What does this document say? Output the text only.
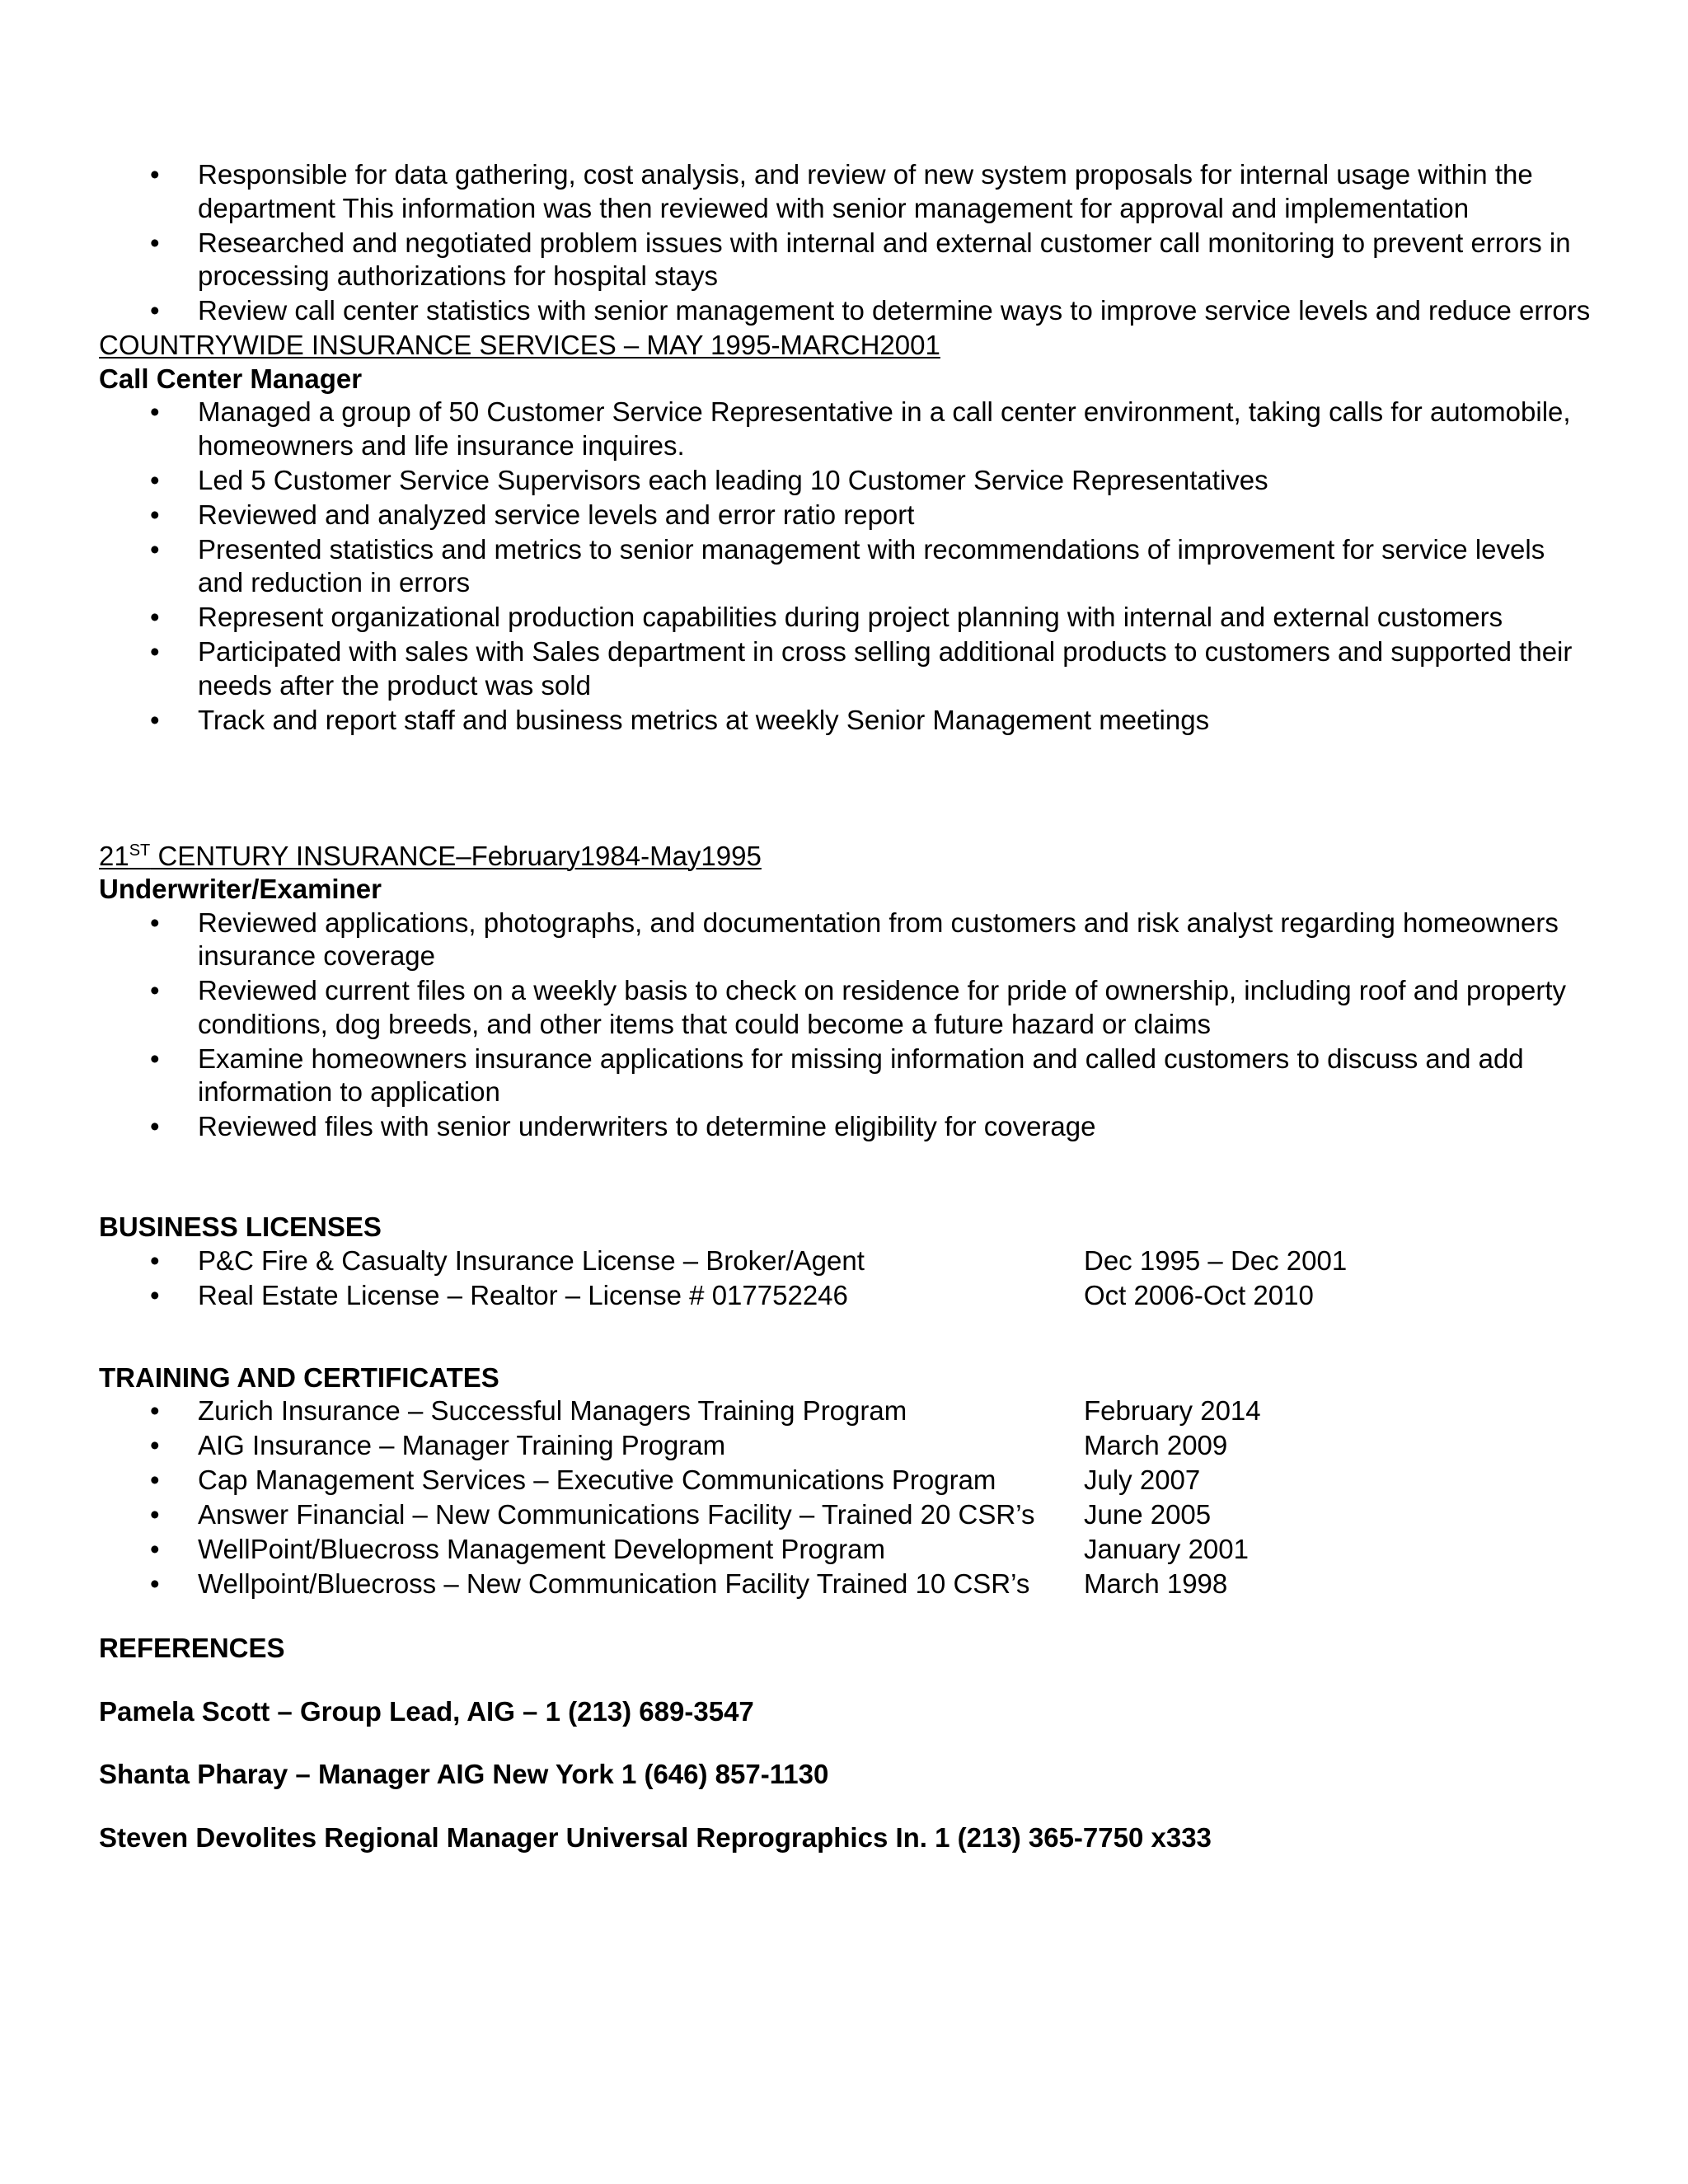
• Responsible for data gathering, cost analysis, and review of new system proposals for internal usage within the department This information was then reviewed with senior management for approval and implementation
• Researched and negotiated problem issues with internal and external customer call monitoring to prevent errors in processing authorizations for hospital stays
• Review call center statistics with senior management to determine ways to improve service levels and reduce errors

COUNTRYWIDE INSURANCE SERVICES – MAY 1995-MARCH2001

Call Center Manager

• Managed a group of 50 Customer Service Representative in a call center environment, taking calls for automobile, homeowners and life insurance inquires.
• Led 5 Customer Service Supervisors each leading 10 Customer Service Representatives
• Reviewed and analyzed service levels and error ratio report
• Presented statistics and metrics to senior management with recommendations of improvement for service levels and reduction in errors
• Represent organizational production capabilities during project planning with internal and external customers
• Participated with sales with Sales department in cross selling additional products to customers and supported their needs after the product was sold
• Track and report staff and business metrics at weekly Senior Management meetings

21ST CENTURY INSURANCE–February1984-May1995

Underwriter/Examiner

• Reviewed applications, photographs, and documentation from customers and risk analyst regarding homeowners insurance coverage
• Reviewed current files on a weekly basis to check on residence for pride of ownership, including roof and property conditions, dog breeds, and other items that could become a future hazard or claims
• Examine homeowners insurance applications for missing information and called customers to discuss and add information to application
• Reviewed files with senior underwriters to determine eligibility for coverage

BUSINESS LICENSES

• P&C Fire & Casualty Insurance License – Broker/Agent	Dec 1995 – Dec 2001
• Real Estate License – Realtor – License # 017752246	Oct 2006-Oct 2010

TRAINING AND CERTIFICATES

• Zurich Insurance – Successful Managers Training Program	February 2014
• AIG Insurance – Manager Training Program	March 2009
• Cap Management Services – Executive Communications Program	July 2007
• Answer Financial – New Communications Facility – Trained 20 CSR’s	June 2005
• WellPoint/Bluecross Management Development Program	January 2001
• Wellpoint/Bluecross – New Communication Facility Trained 10 CSR’s	March 1998

REFERENCES

Pamela Scott – Group Lead, AIG – 1 (213) 689-3547

Shanta Pharay – Manager AIG New York 1 (646) 857-1130

Steven Devolites Regional Manager Universal Reprographics In. 1 (213) 365-7750 x333
